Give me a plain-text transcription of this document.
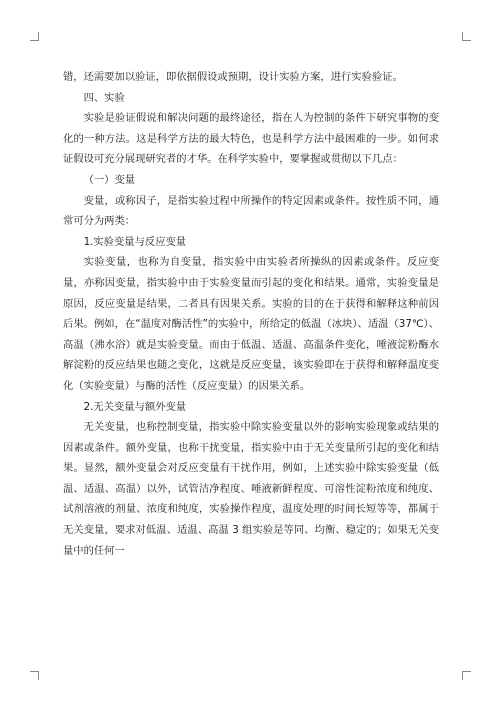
错，还需要加以验证，即依据假设或预期，设计实验方案，进行实验验证。

四、实验

实验是验证假说和解决问题的最终途径，指在人为控制的条件下研究事物的变化的一种方法。这是科学方法的最大特色，也是科学方法中最困难的一步。如何求证假设可充分展现研究者的才华。在科学实验中，要掌握或贯彻以下几点：

（一）变量

变量，或称因子，是指实验过程中所操作的特定因素或条件。按性质不同，通常可分为两类：

1.实验变量与反应变量

实验变量，也称为自变量，指实验中由实验者所操纵的因素或条件。反应变量，亦称因变量，指实验中由于实验变量而引起的变化和结果。通常，实验变量是原因，反应变量是结果，二者具有因果关系。实验的目的在于获得和解释这种前因后果。例如，在“温度对酶活性”的实验中，所给定的低温（冰块）、适温（37℃）、高温（沸水浴）就是实验变量。而由于低温、适温、高温条件变化，唾液淀粉酶水解淀粉的反应结果也随之变化，这就是反应变量，该实验即在于获得和解释温度变化（实验变量）与酶的活性（反应变量）的因果关系。

2.无关变量与额外变量

无关变量，也称控制变量，指实验中除实验变量以外的影响实验现象或结果的因素或条件。额外变量，也称干扰变量，指实验中由于无关变量所引起的变化和结果。显然，额外变量会对反应变量有干扰作用，例如，上述实验中除实验变量（低温、适温、高温）以外，试管洁净程度、唾液新鲜程度、可溶性淀粉浓度和纯度、试剂溶液的剂量、浓度和纯度，实验操作程度，温度处理的时间长短等等，都属于无关变量，要求对低温、适温、高温 3 组实验是等同、均衡、稳定的；如果无关变量中的任何一
